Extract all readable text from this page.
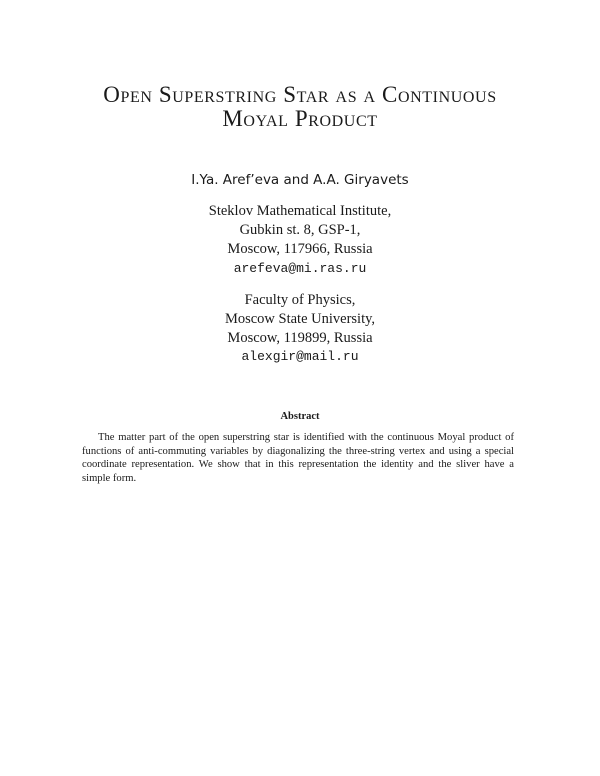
Open Superstring Star as a Continuous
Moyal Product
I.Ya. Aref’eva and A.A. Giryavets
Steklov Mathematical Institute,
Gubkin st. 8, GSP-1,
Moscow, 117966, Russia
arefeva@mi.ras.ru
Faculty of Physics,
Moscow State University,
Moscow, 119899, Russia
alexgir@mail.ru
Abstract

The matter part of the open superstring star is identified with the continuous Moyal product of functions of anti-commuting variables by diagonalizing the three-string vertex and using a special coordinate representation. We show that in this representation the identity and the sliver have a simple form.
